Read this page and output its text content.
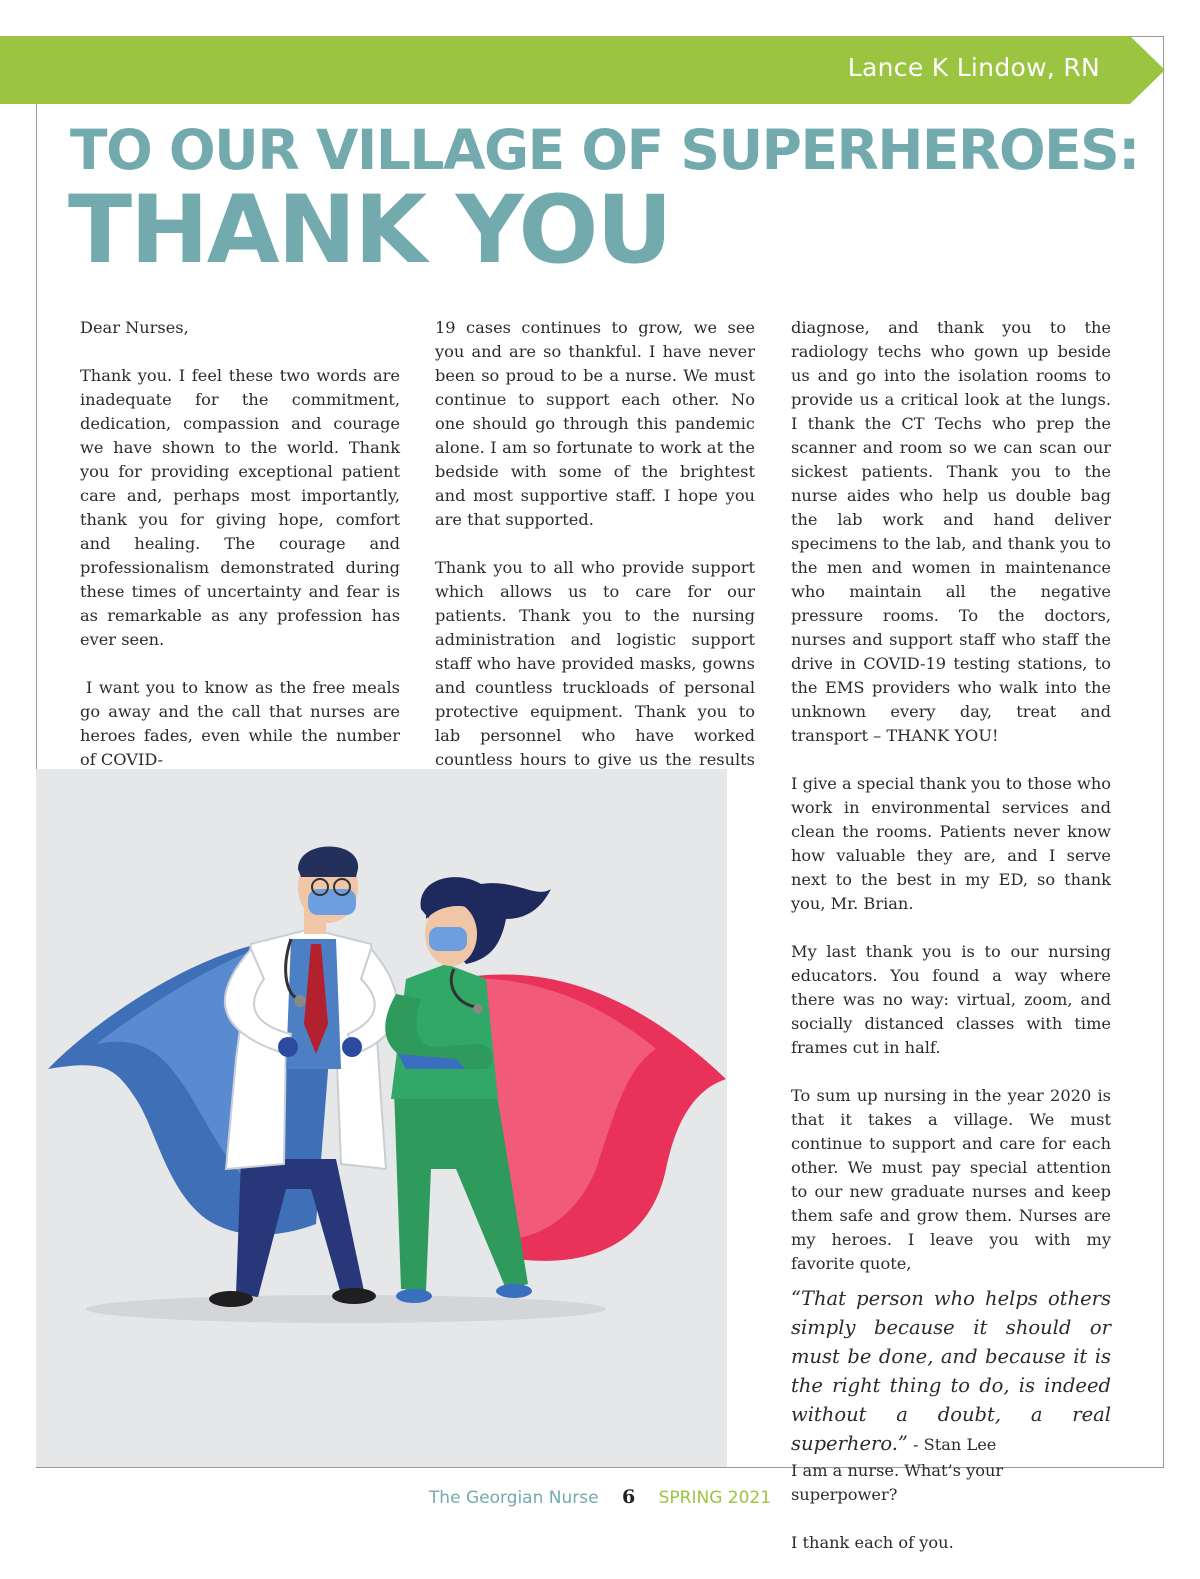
Lance K Lindow, RN
TO OUR VILLAGE OF SUPERHEROES:
THANK YOU

Dear Nurses,

Thank you. I feel these two words are inadequate for the commitment, dedication, compassion and courage we have shown to the world. Thank you for providing exceptional patient care and, perhaps most importantly, thank you for giving hope, comfort and healing. The courage and professionalism demonstrated during these times of uncertainty and fear is as remarkable as any profession has ever seen.

I want you to know as the free meals go away and the call that nurses are heroes fades, even while the number of COVID-

19 cases continues to grow, we see you and are so thankful. I have never been so proud to be a nurse. We must continue to support each other. No one should go through this pandemic alone. I am so fortunate to work at the bedside with some of the brightest and most supportive staff. I hope you are that supported.

Thank you to all who provide support which allows us to care for our patients. Thank you to the nursing administration and logistic support staff who have provided masks, gowns and countless truckloads of personal protective equipment. Thank you to lab personnel who have worked countless hours to give us the results

diagnose, and thank you to the radiology techs who gown up beside us and go into the isolation rooms to provide us a critical look at the lungs. I thank the CT Techs who prep the scanner and room so we can scan our sickest patients. Thank you to the nurse aides who help us double bag the lab work and hand deliver specimens to the lab, and thank you to the men and women in maintenance who maintain all the negative pressure rooms. To the doctors, nurses and support staff who staff the drive in COVID-19 testing stations, to the EMS providers who walk into the unknown every day, treat and transport – THANK YOU!

I give a special thank you to those who work in environmental services and clean the rooms. Patients never know how valuable they are, and I serve next to the best in my ED, so thank you, Mr. Brian.

My last thank you is to our nursing educators. You found a way where there was no way: virtual, zoom, and socially distanced classes with time frames cut in half.

To sum up nursing in the year 2020 is that it takes a village. We must continue to support and care for each other. We must pay special attention to our new graduate nurses and keep them safe and grow them. Nurses are my heroes. I leave you with my favorite quote,

“That person who helps others simply because it should or must be done, and because it is the right thing to do, is indeed without a doubt, a real superhero.” - Stan Lee

I am a nurse. What’s your superpower?

I thank each of you.

The Georgian Nurse 6 SPRING 2021
